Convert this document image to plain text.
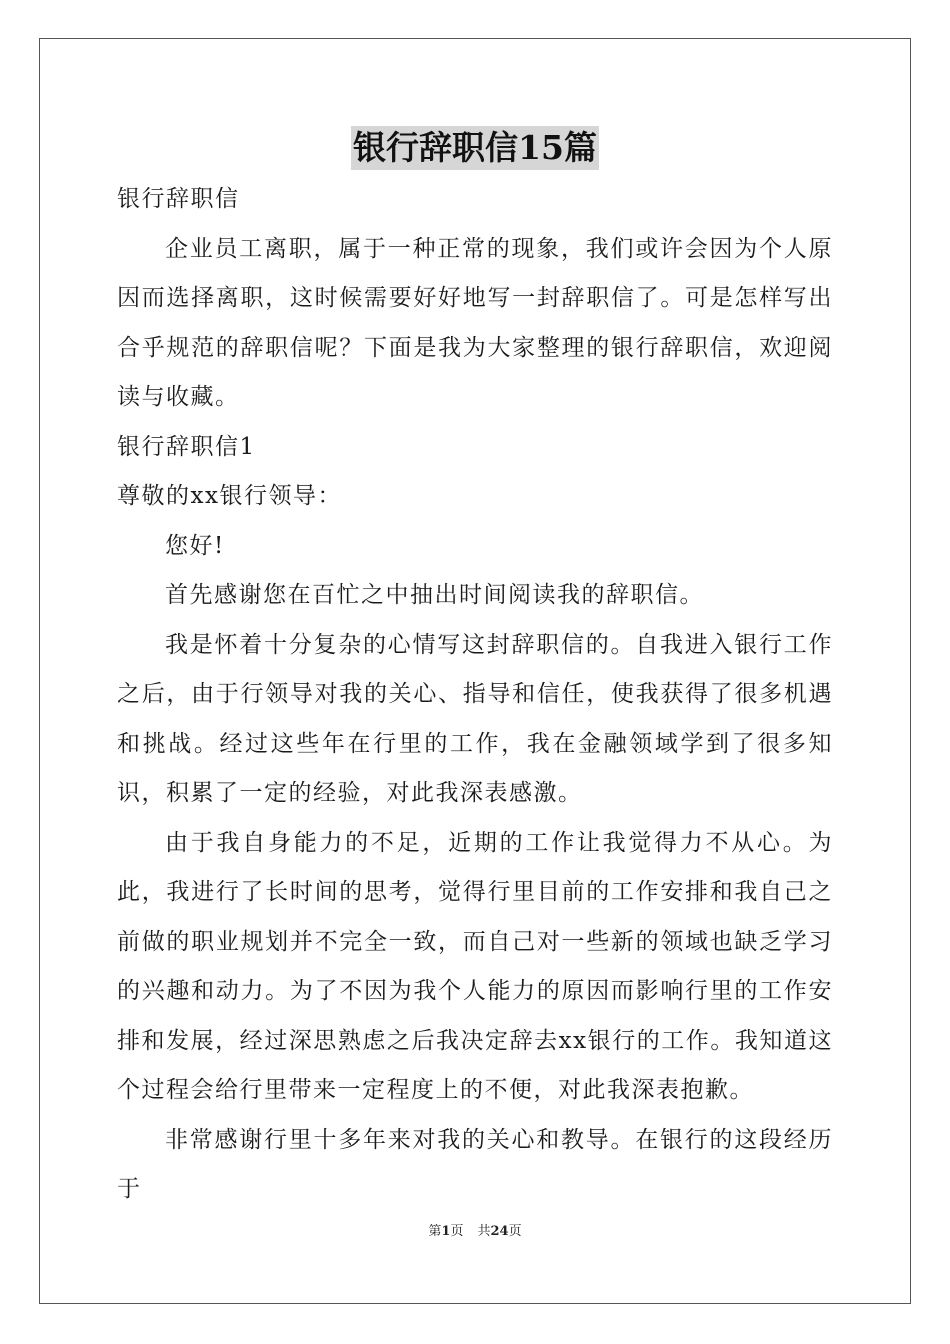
银行辞职信15篇

银行辞职信

企业员工离职，属于一种正常的现象，我们或许会因为个人原因而选择离职，这时候需要好好地写一封辞职信了。可是怎样写出合乎规范的辞职信呢？下面是我为大家整理的银行辞职信，欢迎阅读与收藏。

银行辞职信1

尊敬的xx银行领导：

您好!

首先感谢您在百忙之中抽出时间阅读我的辞职信。

我是怀着十分复杂的心情写这封辞职信的。自我进入银行工作之后，由于行领导对我的关心、指导和信任，使我获得了很多机遇和挑战。经过这些年在行里的工作，我在金融领域学到了很多知识，积累了一定的经验，对此我深表感激。

由于我自身能力的不足，近期的工作让我觉得力不从心。为此，我进行了长时间的思考，觉得行里目前的工作安排和我自己之前做的职业规划并不完全一致，而自己对一些新的领域也缺乏学习的兴趣和动力。为了不因为我个人能力的原因而影响行里的工作安排和发展，经过深思熟虑之后我决定辞去xx银行的工作。我知道这个过程会给行里带来一定程度上的不便，对此我深表抱歉。

非常感谢行里十多年来对我的关心和教导。在银行的这段经历于

第1页 共24页
